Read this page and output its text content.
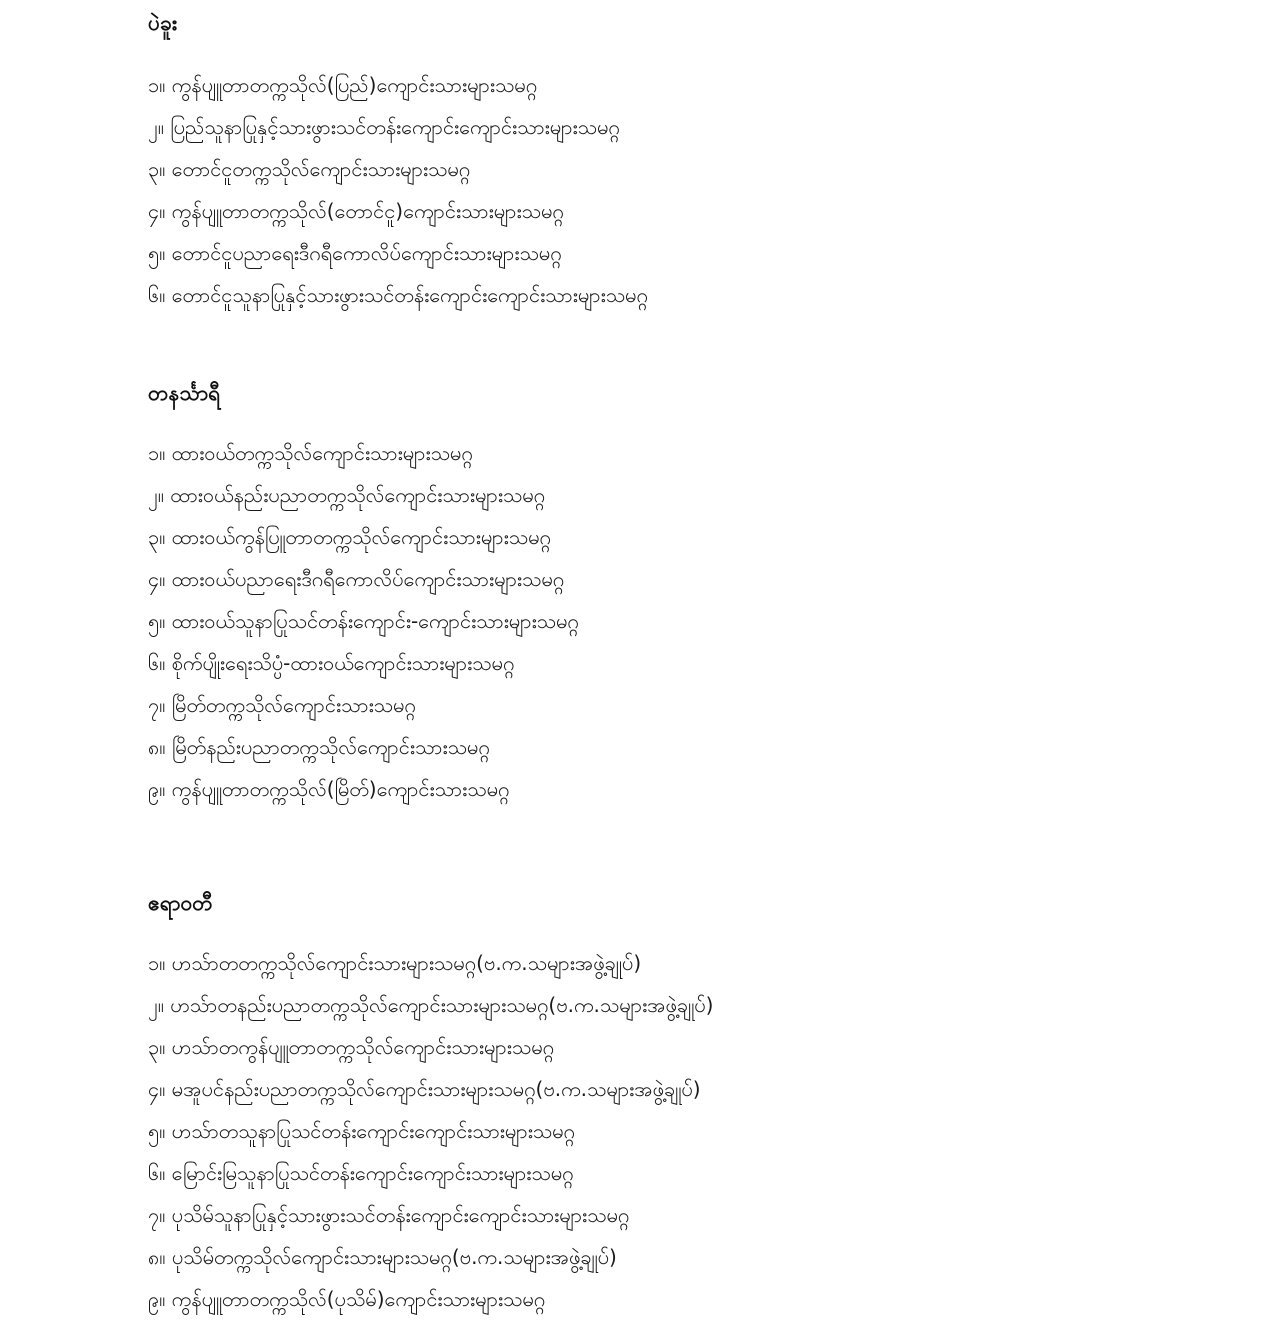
ပဲခူး
၁။ ကွန်ပျူတာတက္ကသိုလ်(ပြည်)ကျောင်းသားများသမဂ္ဂ
၂။ ပြည်သူနာပြုနှင့်သားဖွားသင်တန်းကျောင်းကျောင်းသားများသမဂ္ဂ
၃။ တောင်ငူတက္ကသိုလ်ကျောင်းသားများသမဂ္ဂ
၄။ ကွန်ပျူတာတက္ကသိုလ်(တောင်ငူ)ကျောင်းသားများသမဂ္ဂ
၅။ တောင်ငူပညာရေးဒီဂရီကောလိပ်ကျောင်းသားများသမဂ္ဂ
၆။ တောင်ငူသူနာပြုနှင့်သားဖွားသင်တန်းကျောင်းကျောင်းသားများသမဂ္ဂ
တနင်္သာရီ
၁။ ထားဝယ်တက္ကသိုလ်ကျောင်းသားများသမဂ္ဂ
၂။ ထားဝယ်နည်းပညာတက္ကသိုလ်ကျောင်းသားများသမဂ္ဂ
၃။ ထားဝယ်ကွန်ပြူတာတက္ကသိုလ်ကျောင်းသားများသမဂ္ဂ
၄။ ထားဝယ်ပညာရေးဒီဂရီကောလိပ်ကျောင်းသားများသမဂ္ဂ
၅။ ထားဝယ်သူနာပြုသင်တန်းကျောင်း-ကျောင်းသားများသမဂ္ဂ
၆။ စိုက်ပျိုးရေးသိပ္ပံ-ထားဝယ်ကျောင်းသားများသမဂ္ဂ
၇။ မြိတ်တက္ကသိုလ်ကျောင်းသားသမဂ္ဂ
၈။ မြိတ်နည်းပညာတက္ကသိုလ်ကျောင်းသားသမဂ္ဂ
၉။ ကွန်ပျူတာတက္ကသိုလ်(မြိတ်)ကျောင်းသားသမဂ္ဂ
ဧရာဝတီ
၁။ ဟသ်ာတတက္ကသိုလ်ကျောင်းသားများသမဂ္ဂ(ဗ.က.သများအဖွဲ့ချုပ်)
၂။ ဟသ်ာတနည်းပညာတက္ကသိုလ်ကျောင်းသားများသမဂ္ဂ(ဗ.က.သများအဖွဲ့ချုပ်)
၃။ ဟသ်ာတကွန်ပျူတာတက္ကသိုလ်ကျောင်းသားများသမဂ္ဂ
၄။ မအူပင်နည်းပညာတက္ကသိုလ်ကျောင်းသားများသမဂ္ဂ(ဗ.က.သများအဖွဲ့ချုပ်)
၅။ ဟသ်ာတသူနာပြုသင်တန်းကျောင်းကျောင်းသားများသမဂ္ဂ
၆။ မြောင်းမြသူနာပြုသင်တန်းကျောင်းကျောင်းသားများသမဂ္ဂ
၇။ ပုသိမ်သူနာပြုနှင့်သားဖွားသင်တန်းကျောင်းကျောင်းသားများသမဂ္ဂ
၈။ ပုသိမ်တက္ကသိုလ်ကျောင်းသားများသမဂ္ဂ(ဗ.က.သများအဖွဲ့ချုပ်)
၉။ ကွန်ပျူတာတက္ကသိုလ်(ပုသိမ်)ကျောင်းသားများသမဂ္ဂ
